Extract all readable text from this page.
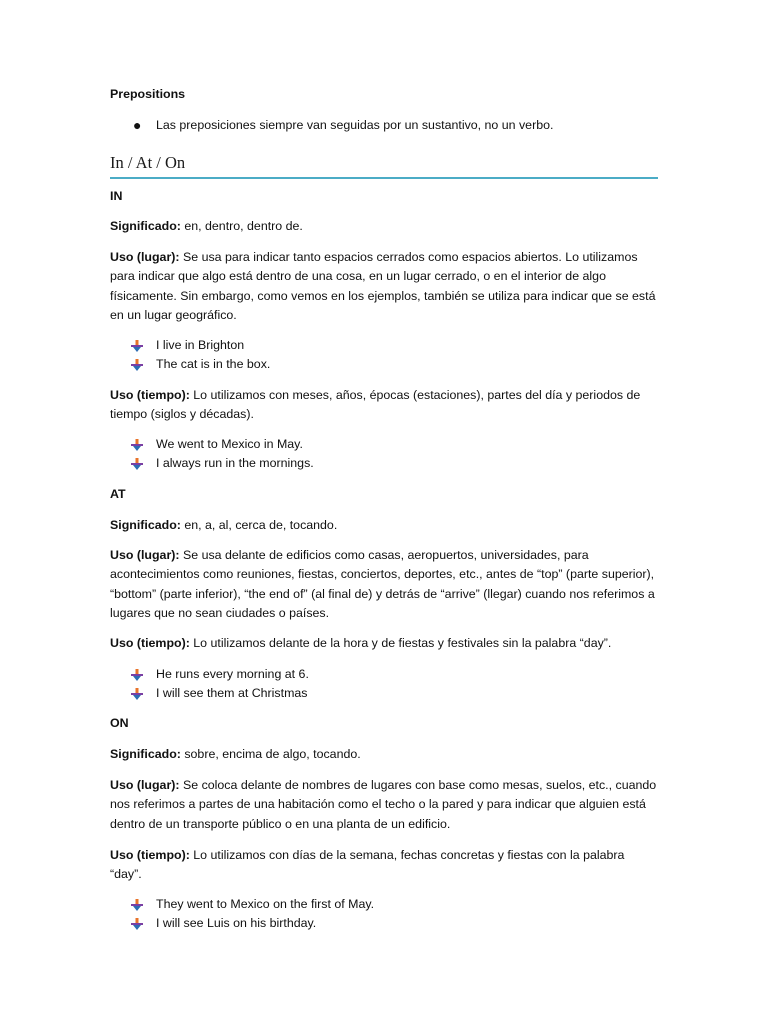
Prepositions
● Las preposiciones siempre van seguidas por un sustantivo, no un verbo.
In / At / On
IN
Significado: en, dentro, dentro de.
Uso (lugar): Se usa para indicar tanto espacios cerrados como espacios abiertos. Lo utilizamos para indicar que algo está dentro de una cosa, en un lugar cerrado, o en el interior de algo físicamente. Sin embargo, como vemos en los ejemplos, también se utiliza para indicar que se está en un lugar geográfico.
I live in Brighton
The cat is in the box.
Uso (tiempo): Lo utilizamos con meses, años, épocas (estaciones), partes del día y periodos de tiempo (siglos y décadas).
We went to Mexico in May.
I always run in the mornings.
AT
Significado: en, a, al, cerca de, tocando.
Uso (lugar): Se usa delante de edificios como casas, aeropuertos, universidades, para acontecimientos como reuniones, fiestas, conciertos, deportes, etc., antes de “top” (parte superior), “bottom” (parte inferior), “the end of” (al final de) y detrás de “arrive” (llegar) cuando nos referimos a lugares que no sean ciudades o países.
Uso (tiempo): Lo utilizamos delante de la hora y de fiestas y festivales sin la palabra “day”.
He runs every morning at 6.
I will see them at Christmas
ON
Significado: sobre, encima de algo, tocando.
Uso (lugar): Se coloca delante de nombres de lugares con base como mesas, suelos, etc., cuando nos referimos a partes de una habitación como el techo o la pared y para indicar que alguien está dentro de un transporte público o en una planta de un edificio.
Uso (tiempo): Lo utilizamos con días de la semana, fechas concretas y fiestas con la palabra “day”.
They went to Mexico on the first of May.
I will see Luis on his birthday.
